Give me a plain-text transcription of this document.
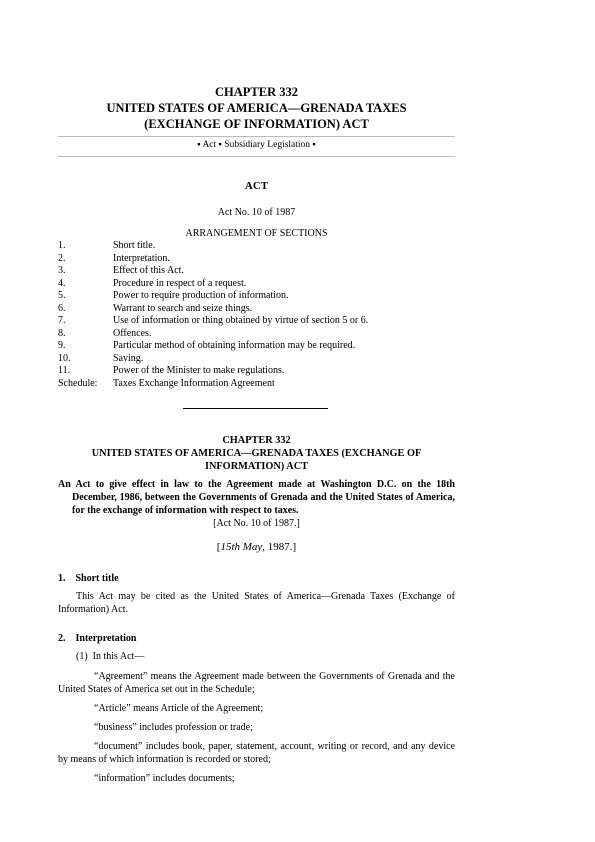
CHAPTER 332
UNITED STATES OF AMERICA—GRENADA TAXES
(EXCHANGE OF INFORMATION) ACT
▪ Act ▪ Subsidiary Legislation ▪
ACT
Act No. 10 of 1987
ARRANGEMENT OF SECTIONS
1.	Short title.
2.	Interpretation.
3.	Effect of this Act.
4.	Procedure in respect of a request.
5.	Power to require production of information.
6.	Warrant to search and seize things.
7.	Use of information or thing obtained by virtue of section 5 or 6.
8.	Offences.
9.	Particular method of obtaining information may be required.
10.	Saving.
11.	Power of the Minister to make regulations.
Schedule: Taxes Exchange Information Agreement
CHAPTER 332
UNITED STATES OF AMERICA—GRENADA TAXES (EXCHANGE OF
INFORMATION) ACT
An Act to give effect in law to the Agreement made at Washington D.C. on the 18th December, 1986, between the Governments of Grenada and the United States of America, for the exchange of information with respect to taxes.
[Act No. 10 of 1987.]
[15th May, 1987.]
1. Short title
This Act may be cited as the United States of America—Grenada Taxes (Exchange of Information) Act.
2. Interpretation
(1) In this Act—
“Agreement” means the Agreement made between the Governments of Grenada and the United States of America set out in the Schedule;
“Article” means Article of the Agreement;
“business” includes profession or trade;
“document” includes book, paper, statement, account, writing or record, and any device by means of which information is recorded or stored;
“information” includes documents;
